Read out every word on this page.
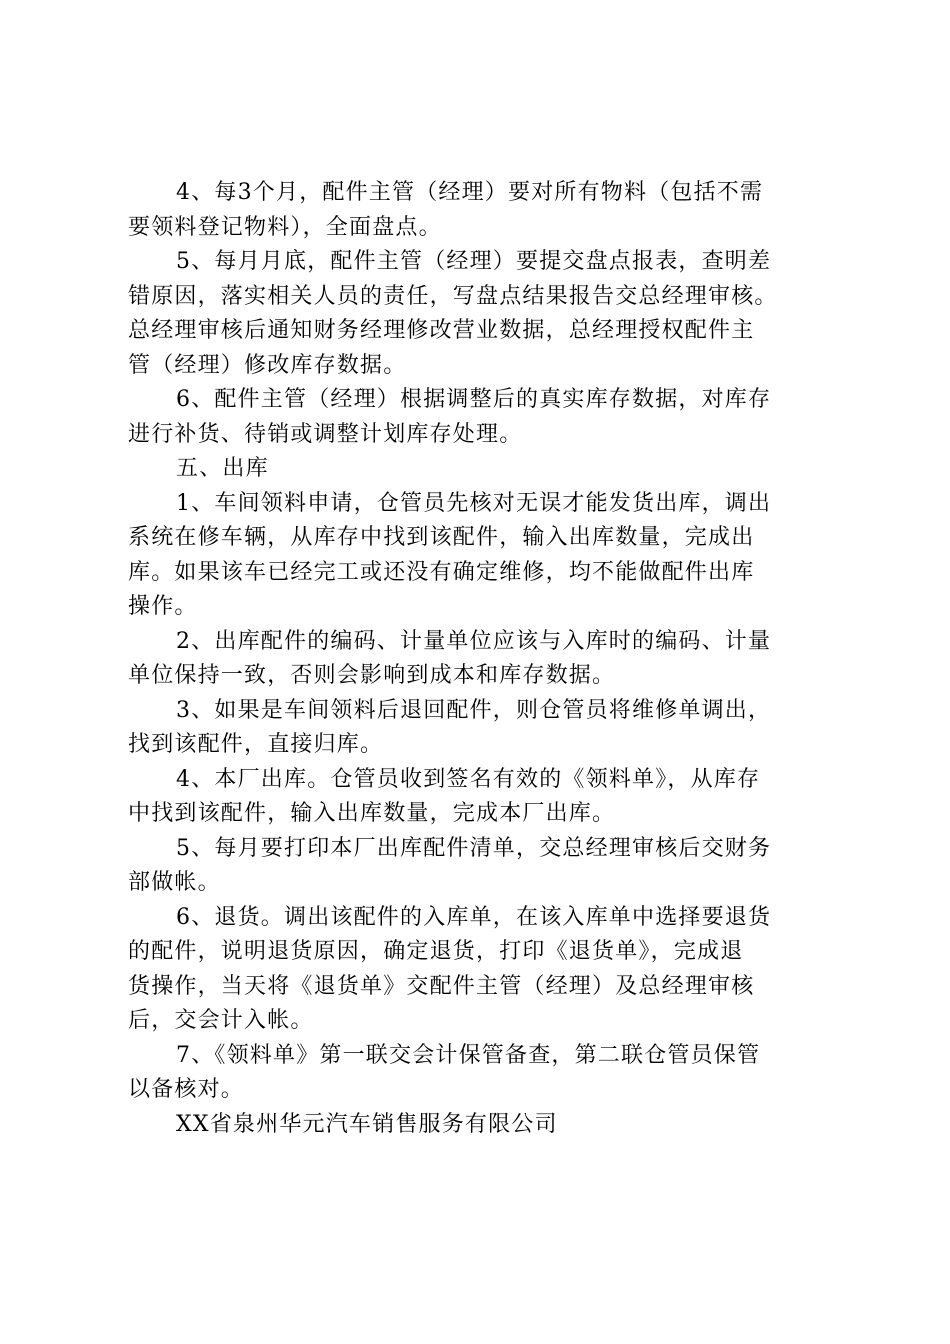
4、每3个月，配件主管（经理）要对所有物料（包括不需
要领料登记物料），全面盘点。
5、每月月底，配件主管（经理）要提交盘点报表，查明差
错原因，落实相关人员的责任，写盘点结果报告交总经理审核。
总经理审核后通知财务经理修改营业数据，总经理授权配件主
管（经理）修改库存数据。
6、配件主管（经理）根据调整后的真实库存数据，对库存
进行补货、待销或调整计划库存处理。
五、出库
1、车间领料申请，仓管员先核对无误才能发货出库，调出
系统在修车辆，从库存中找到该配件，输入出库数量，完成出
库。如果该车已经完工或还没有确定维修，均不能做配件出库
操作。
2、出库配件的编码、计量单位应该与入库时的编码、计量
单位保持一致，否则会影响到成本和库存数据。
3、如果是车间领料后退回配件，则仓管员将维修单调出，
找到该配件，直接归库。
4、本厂出库。仓管员收到签名有效的《领料单》，从库存
中找到该配件，输入出库数量，完成本厂出库。
5、每月要打印本厂出库配件清单，交总经理审核后交财务
部做帐。
6、退货。调出该配件的入库单，在该入库单中选择要退货
的配件，说明退货原因，确定退货，打印《退货单》，完成退
货操作，当天将《退货单》交配件主管（经理）及总经理审核
后，交会计入帐。
7、《领料单》第一联交会计保管备查，第二联仓管员保管
以备核对。
XX省泉州华元汽车销售服务有限公司
